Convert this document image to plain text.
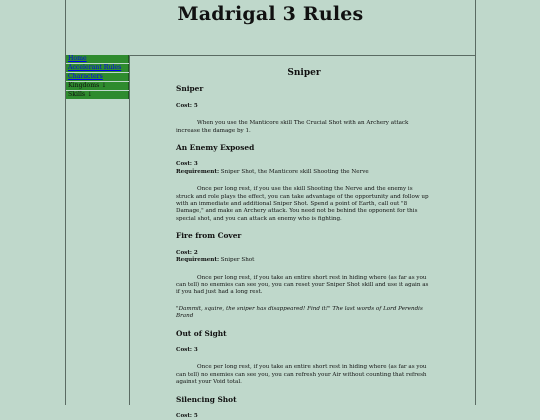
Madrigal 3 Rules
Home
Accelerant Rules
Characters
Kingdoms ↓
Skills ↓
Sniper
Sniper

Cost: 5

When you use the Manticore skill The Crucial Shot with an Archery attack increase the damage by 1.

An Enemy Exposed

Cost: 3

Requirement: Sniper Shot, the Manticore skill Shooting the Nerve

Once per long rest, if you use the skill Shooting the Nerve and the enemy is struck and role plays the effect, you can take advantage of the opportunity and follow up with an immediate and additional Sniper Shot. Spend a point of Earth, call out "8 Damage," and make an Archery attack. You need not be behind the opponent for this special shot, and you can attack an enemy who is fighting.

Fire from Cover

Cost: 2

Requirement: Sniper Shot

Once per long rest, if you take an entire short rest in hiding where (as far as you can tell) no enemies can see you, you can reset your Sniper Shot skill and use it again as if you had just had a long rest.

"Dammit, squire, the sniper has disappeared! Find it!" The last words of Lord Perendis Brand

Out of Sight

Cost: 3

Once per long rest, if you take an entire short rest in hiding where (as far as you can tell) no enemies can see you, you can refresh your Air without counting that refresh against your Void total.

Silencing Shot

Cost: 5
